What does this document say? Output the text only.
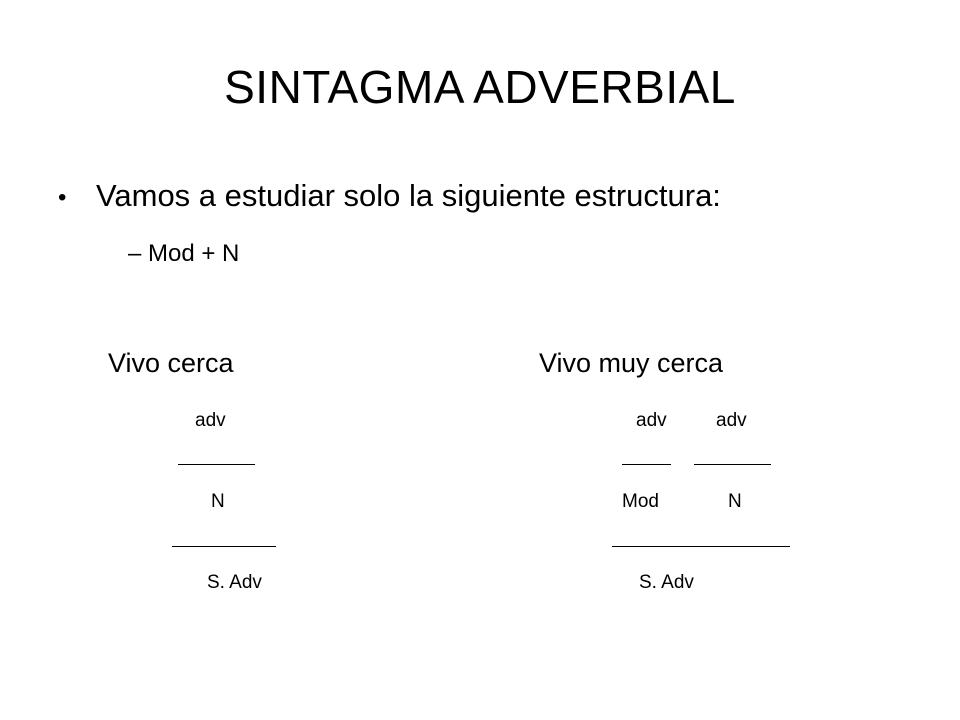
SINTAGMA ADVERBIAL
• Vamos a estudiar solo la siguiente estructura:
– Mod + N
Vivo cerca
adv
N
S. Adv
Vivo muy cerca
adv	adv
Mod	N
S. Adv
